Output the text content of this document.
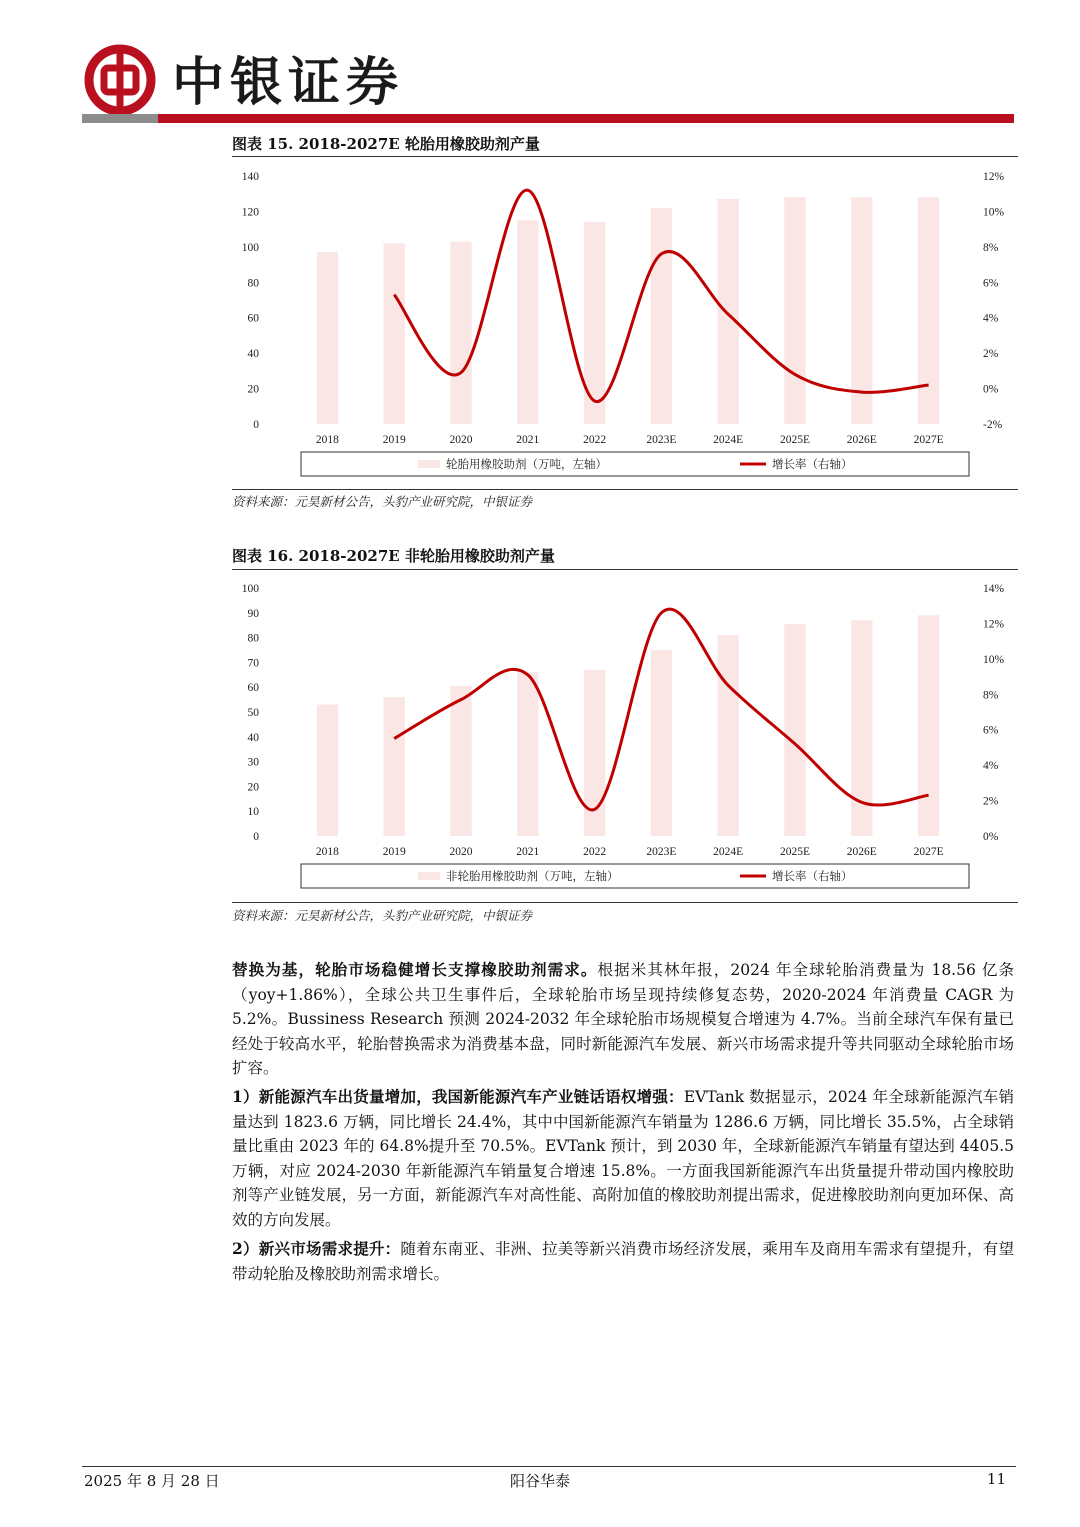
中银证券
图表 15. 2018-2027E 轮胎用橡胶助剂产量
0
20
40
60
80
100
120
140
-2%
0%
2%
4%
6%
8%
10%
12%
2018	2019	2020	2021	2022	2023E	2024E	2025E	2026E	2027E
轮胎用橡胶助剂（万吨，左轴）	增长率（右轴）
资料来源：元昊新材公告，头豹产业研究院，中银证券
图表 16. 2018-2027E 非轮胎用橡胶助剂产量
0
10
20
30
40
50
60
70
80
90
100
0%
2%
4%
6%
8%
10%
12%
14%
2018	2019	2020	2021	2022	2023E	2024E	2025E	2026E	2027E
非轮胎用橡胶助剂（万吨，左轴）	增长率（右轴）
资料来源：元昊新材公告，头豹产业研究院，中银证券
替换为基，轮胎市场稳健增长支撑橡胶助剂需求。根据米其林年报，2024 年全球轮胎消费量为 18.56 亿条（yoy+1.86%），全球公共卫生事件后，全球轮胎市场呈现持续修复态势，2020-2024 年消费量 CAGR 为 5.2%。Bussiness Research 预测 2024-2032 年全球轮胎市场规模复合增速为 4.7%。当前全球汽车保有量已经处于较高水平，轮胎替换需求为消费基本盘，同时新能源汽车发展、新兴市场需求提升等共同驱动全球轮胎市场扩容。
1）新能源汽车出货量增加，我国新能源汽车产业链话语权增强：EVTank 数据显示，2024 年全球新能源汽车销量达到 1823.6 万辆，同比增长 24.4%，其中中国新能源汽车销量为 1286.6 万辆，同比增长 35.5%，占全球销量比重由 2023 年的 64.8%提升至 70.5%。EVTank 预计，到 2030 年，全球新能源汽车销量有望达到 4405.5 万辆，对应 2024-2030 年新能源汽车销量复合增速 15.8%。一方面我国新能源汽车出货量提升带动国内橡胶助剂等产业链发展，另一方面，新能源汽车对高性能、高附加值的橡胶助剂提出需求，促进橡胶助剂向更加环保、高效的方向发展。
2）新兴市场需求提升：随着东南亚、非洲、拉美等新兴消费市场经济发展，乘用车及商用车需求有望提升，有望带动轮胎及橡胶助剂需求增长。
2025 年 8 月 28 日	阳谷华泰	11
